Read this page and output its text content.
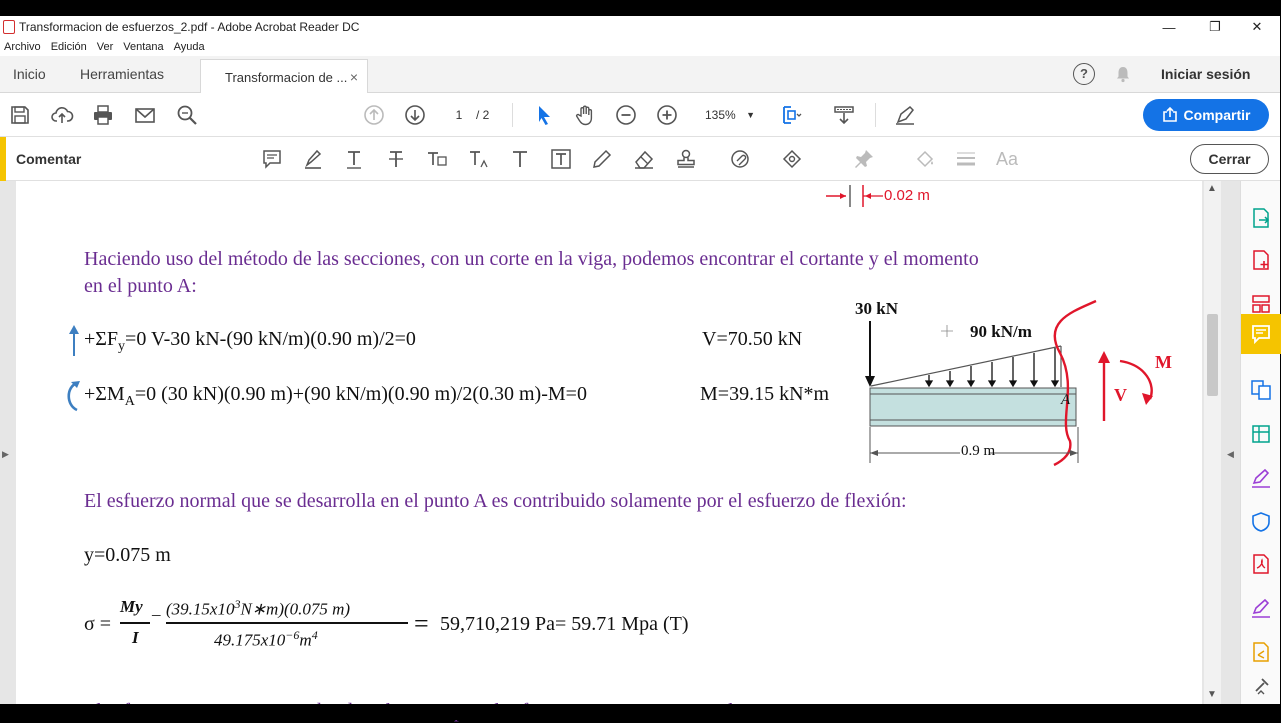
Transformacion de esfuerzos_2.pdf - Adobe Acrobat Reader DC	—	❐	✕
Archivo Edición Ver Ventana Ayuda
Inicio Herramientas	Transformacion de ... ×	?	Iniciar sesión
1	/ 2	135% ▼	Compartir
Comentar	Aa	Cerrar
▶
0.02 m
Haciendo uso del método de las secciones, con un corte en la viga, podemos encontrar el cortante y el momento
en el punto A:
$+\Sigma F_y=0$ V-30 kN-(90 kN/m)(0.90 m)/2=0	V=70.50 kN
$+\Sigma M_A=0$ (30 kN)(0.90 m)+(90 kN/m)(0.90 m)/2(0.30 m)-M=0	M=39.15 kN*m
30 kN
90 kN/m
A
0.9 m
V
M
El esfuerzo normal que se desarrolla en el punto A es contribuido solamente por el esfuerzo de flexión:
y=0.075 m
σ =
My
I
_ $(39.15x10^3N∗m)(0.075$ m)
$49.175x10^{-6}m^4$	= 59,710,219 Pa= 59.71 Mpa (T)
▲
▼
◀
